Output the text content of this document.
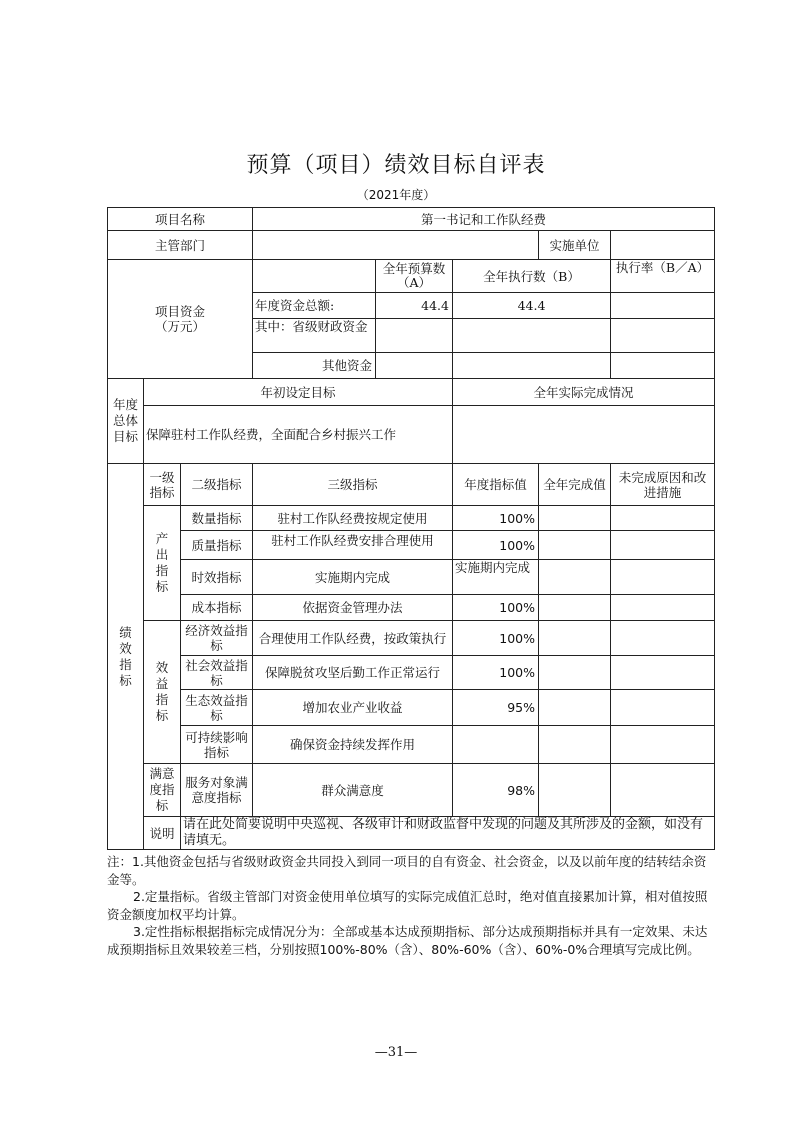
预算（项目）绩效目标自评表
（2021年度）
项目名称			第一书记和工作队经费				
主管部门						实施单位	

项目资金
（万元）				全年预算数（A）	全年执行数（B）		执行率（B／A）
			年度资金总额:	44.4	44.4		
			其中：省级财政资金				
			其他资金				
年度总体目标	年初设定目标				全年实际完成情况		
	保障驻村工作队经费，全面配合乡村振兴工作						
绩效指标	一级指标	二级指标	三级指标		年度指标值	全年完成值	未完成原因和改进措施
	产出指标	数量指标	驻村工作队经费按规定使用		100%		
		质量指标	驻村工作队经费安排合理使用		100%		
		时效指标	实施期内完成		实施期内完成		
		成本指标	依据资金管理办法		100%		
	效益指标	经济效益指标	合理使用工作队经费，按政策执行		100%		
		社会效益指标	保障脱贫攻坚后勤工作正常运行		100%		
		生态效益指标	增加农业产业收益		95%		
		可持续影响指标	确保资金持续发挥作用				
	满意度指标	服务对象满意度指标	群众满意度		98%		
	说明	请在此处简要说明中央巡视、各级审计和财政监督中发现的问题及其所涉及的金额，如没有请填无。					

注：1.其他资金包括与省级财政资金共同投入到同一项目的自有资金、社会资金，以及以前年度的结转结余资金等。

2.定量指标。省级主管部门对资金使用单位填写的实际完成值汇总时，绝对值直接累加计算，相对值按照资金额度加权平均计算。

3.定性指标根据指标完成情况分为：全部或基本达成预期指标、部分达成预期指标并具有一定效果、未达成预期指标且效果较差三档，分别按照100%-80%（含）、80%-60%（含）、60%-0%合理填写完成比例。

—31—
